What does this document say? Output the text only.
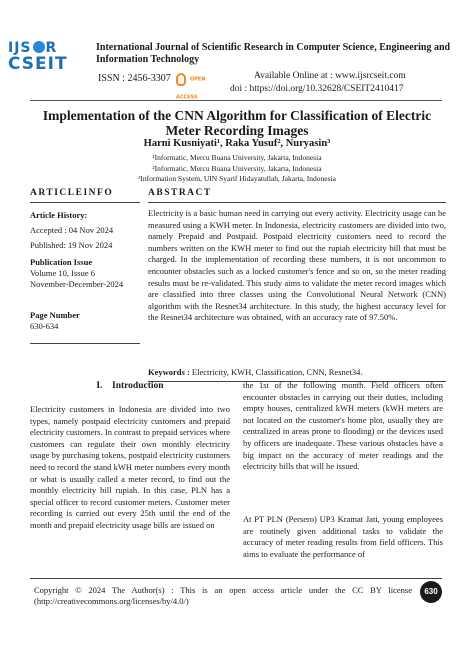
IJS R
CSEIT
International Journal of Scientific Research in Computer Science, Engineering and Information Technology
ISSN : 2456-3307	OPEN ACCESS
Available Online at : www.ijsrcseit.com
doi : https://doi.org/10.32628/CSEIT2410417
Implementation of the CNN Algorithm for Classification of Electric Meter Recording Images
Harni Kusniyati¹, Raka Yusuf², Nuryasin³
¹Informatic, Mercu Buana University, Jakarta, Indonesia
²Informatic, Mercu Buana University, Jakarta, Indonesia
³Information System, UIN Syarif Hidayatullah, Jakarta, Indonesia
ARTICLEINFO	ABSTRACT
Article History:
Accepted : 04 Nov 2024
Published: 19 Nov 2024
Publication Issue
Volume 10, Issue 6
November-December-2024
Page Number
630-634
Electricity is a basic human need in carrying out every activity. Electricity usage can be measured using a KWH meter. In Indonesia, electricity customers are divided into two, namely Prepaid and Postpaid. Postpaid electricity customers need to record the numbers written on the KWH meter to find out the rupiah electricity bill that must be charged. In the implementation of recording these numbers, it is not uncommon to encounter obstacles such as a locked customer's fence and so on, so the meter reading results must be re-validated. This study aims to validate the meter record images which are classified into three classes using the Convolutional Neural Network (CNN) algorithm with the Resnet34 architecture. In this study, the highest accuracy level for the Resnet34 architecture was obtained, with an accuracy rate of 97.50%.
Keywords : Electricity, KWH, Classification, CNN, Resnet34.
I.    Introduction
Electricity customers in Indonesia are divided into two types, namely postpaid electricity customers and prepaid electricity customers. In contrast to prepaid services where customers can regulate their own monthly electricity usage by purchasing tokens, postpaid electricity customers need to record the stand kWH meter numbers every month or what is usually called a meter record, to find out the monthly electricity bill rupiah. In this case, PLN has a special officer to record customer meters. Customer meter recording is carried out every 25th until the end of the month and prepaid electricity usage bills are issued on
the 1st of the following month. Field officers often encounter obstacles in carrying out their duties, including empty houses, centralized kWH meters (kWH meters are not located on the customer's home plot, usually they are centralized in areas prone to flooding) or the devices used by officers are inadequate. These various obstacles have a big impact on the accuracy of meter readings and the electricity bills that will be issued.
At PT PLN (Persero) UP3 Kramat Jati, young employees are routinely given additional tasks to validate the accuracy of meter reading results from field officers. This aims to evaluate the performance of
Copyright © 2024 The Author(s) : This is an open access article under the CC BY license (http://creativecommons.org/licenses/by/4.0/)
630
